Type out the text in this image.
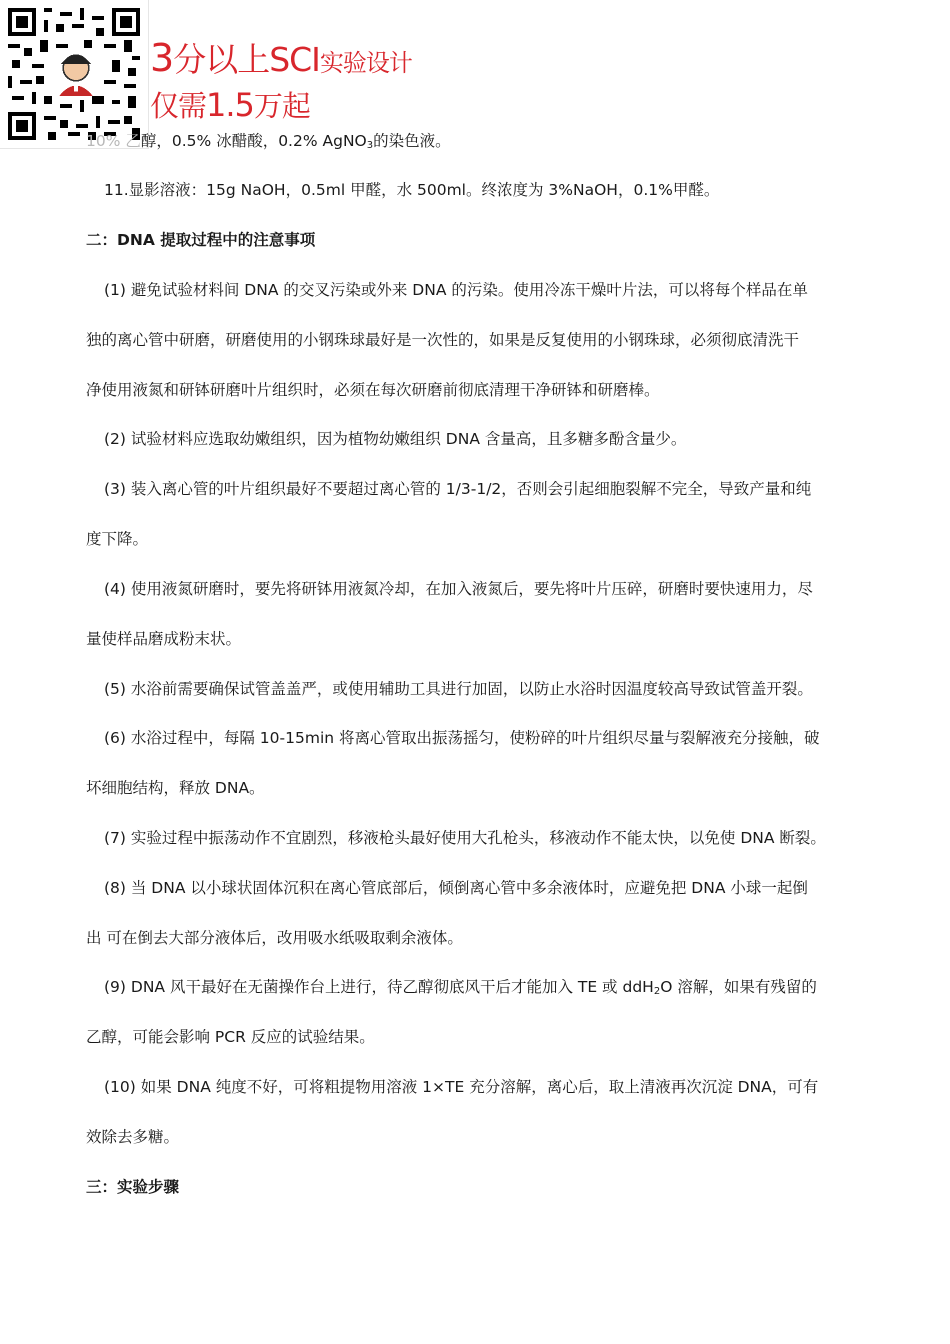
3分以上SCI实验设计
仅需1.5万起
10% 乙醇，0.5% 冰醋酸，0.2% AgNO$_3$的染色液。
11.显影溶液：15g NaOH，0.5ml 甲醛，水 500ml。终浓度为 3%NaOH，0.1%甲醛。
二：DNA 提取过程中的注意事项
(1) 避免试验材料间 DNA 的交叉污染或外来 DNA 的污染。使用冷冻干燥叶片法，可以将每个样品在单
独的离心管中研磨，研磨使用的小钢珠球最好是一次性的，如果是反复使用的小钢珠球，必须彻底清洗干
净使用液氮和研钵研磨叶片组织时，必须在每次研磨前彻底清理干净研钵和研磨棒。
(2) 试验材料应选取幼嫩组织，因为植物幼嫩组织 DNA 含量高，且多糖多酚含量少。
(3) 装入离心管的叶片组织最好不要超过离心管的 1/3-1/2，否则会引起细胞裂解不完全，导致产量和纯
度下降。
(4) 使用液氮研磨时，要先将研钵用液氮冷却，在加入液氮后，要先将叶片压碎，研磨时要快速用力，尽
量使样品磨成粉末状。
(5) 水浴前需要确保试管盖盖严，或使用辅助工具进行加固，以防止水浴时因温度较高导致试管盖开裂。
(6) 水浴过程中，每隔 10-15min 将离心管取出振荡摇匀，使粉碎的叶片组织尽量与裂解液充分接触，破
坏细胞结构，释放 DNA。
(7) 实验过程中振荡动作不宜剧烈，移液枪头最好使用大孔枪头，移液动作不能太快，以免使 DNA 断裂。
(8) 当 DNA 以小球状固体沉积在离心管底部后，倾倒离心管中多余液体时，应避免把 DNA 小球一起倒
出 可在倒去大部分液体后，改用吸水纸吸取剩余液体。
(9) DNA 风干最好在无菌操作台上进行，待乙醇彻底风干后才能加入 TE 或 ddH$_2$O 溶解，如果有残留的
乙醇，可能会影响 PCR 反应的试验结果。
(10) 如果 DNA 纯度不好，可将粗提物用溶液 1×TE 充分溶解，离心后，取上清液再次沉淀 DNA，可有
效除去多糖。
三：实验步骤
